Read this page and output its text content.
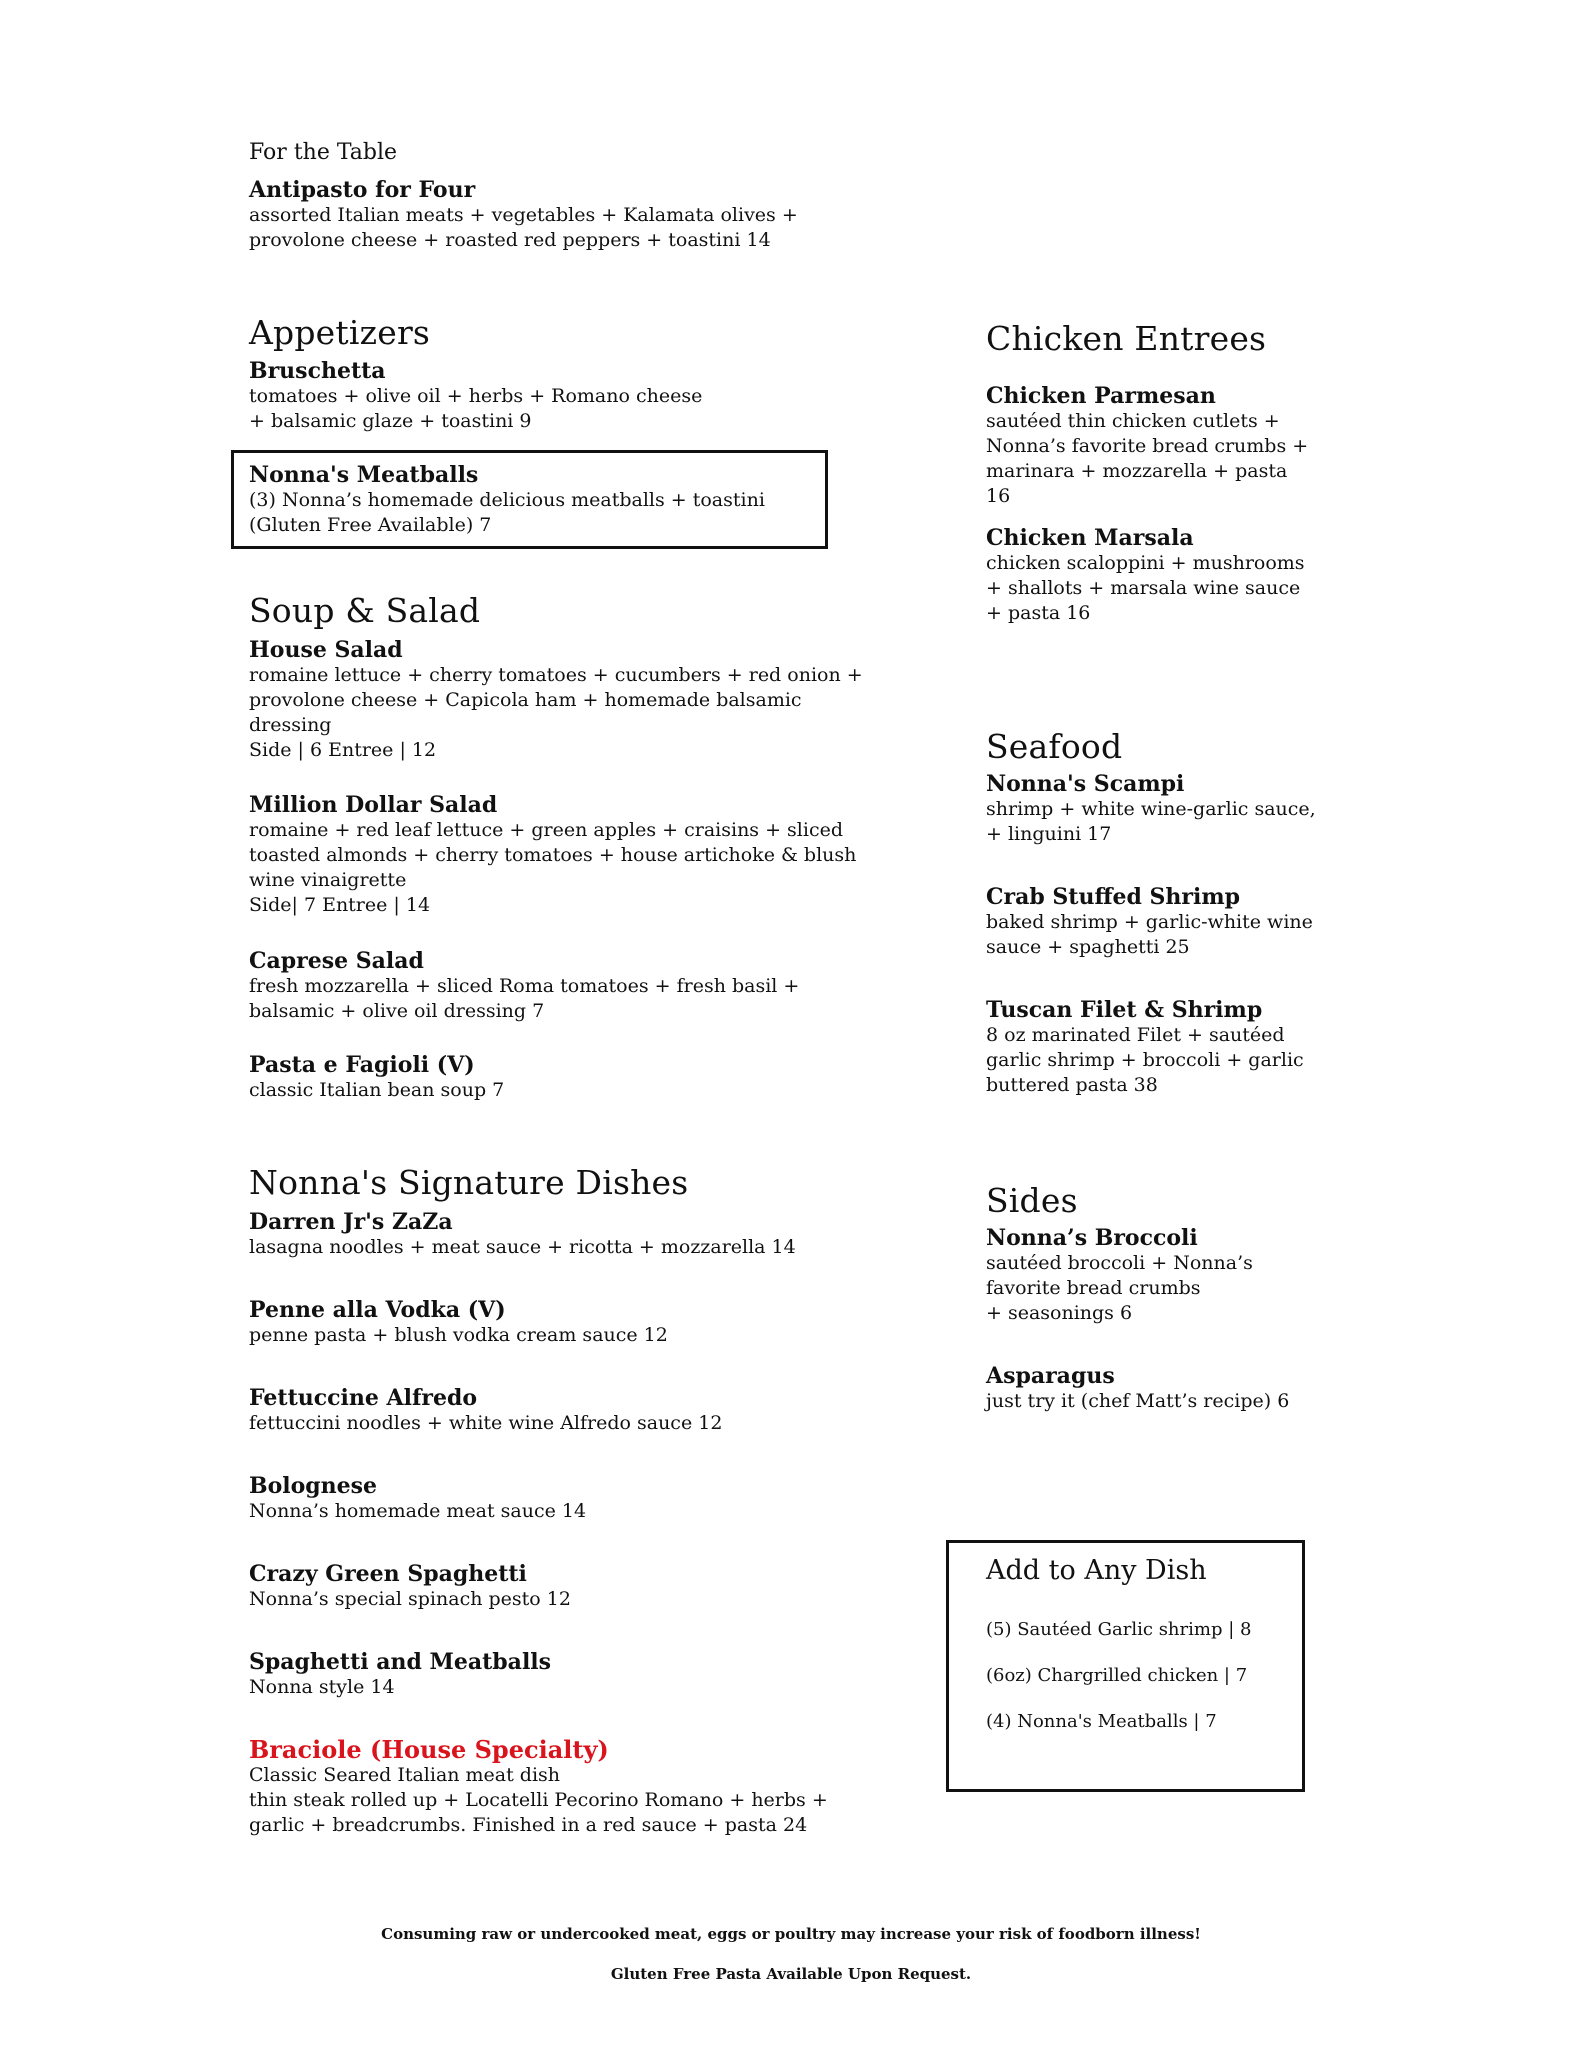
For the Table
Antipasto for Four
assorted Italian meats + vegetables + Kalamata olives +
provolone cheese + roasted red peppers + toastini 14
Appetizers
Bruschetta
tomatoes + olive oil + herbs + Romano cheese
+ balsamic glaze + toastini 9
Nonna's Meatballs
(3) Nonna’s homemade delicious meatballs + toastini
(Gluten Free Available) 7
Soup & Salad
House Salad
romaine lettuce + cherry tomatoes + cucumbers + red onion +
provolone cheese + Capicola ham + homemade balsamic
dressing
Side | 6 Entree | 12
Million Dollar Salad
romaine + red leaf lettuce + green apples + craisins + sliced
toasted almonds + cherry tomatoes + house artichoke & blush
wine vinaigrette
Side| 7 Entree | 14
Caprese Salad
fresh mozzarella + sliced Roma tomatoes + fresh basil +
balsamic + olive oil dressing 7
Pasta e Fagioli (V)
classic Italian bean soup 7
Nonna's Signature Dishes
Darren Jr's ZaZa
lasagna noodles + meat sauce + ricotta + mozzarella 14
Penne alla Vodka (V)
penne pasta + blush vodka cream sauce 12
Fettuccine Alfredo
fettuccini noodles + white wine Alfredo sauce 12
Bolognese
Nonna’s homemade meat sauce 14
Crazy Green Spaghetti
Nonna’s special spinach pesto 12
Spaghetti and Meatballs
Nonna style 14
Braciole (House Specialty)
Classic Seared Italian meat dish
thin steak rolled up + Locatelli Pecorino Romano + herbs +
garlic + breadcrumbs. Finished in a red sauce + pasta 24
Chicken Entrees
Chicken Parmesan
sautéed thin chicken cutlets +
Nonna’s favorite bread crumbs +
marinara + mozzarella + pasta
16
Chicken Marsala
chicken scaloppini + mushrooms
+ shallots + marsala wine sauce
+ pasta 16
Seafood
Nonna's Scampi
shrimp + white wine-garlic sauce,
+ linguini 17
Crab Stuffed Shrimp
baked shrimp + garlic-white wine
sauce + spaghetti 25
Tuscan Filet & Shrimp
8 oz marinated Filet + sautéed
garlic shrimp + broccoli + garlic
buttered pasta 38
Sides
Nonna’s Broccoli
sautéed broccoli + Nonna’s
favorite bread crumbs
+ seasonings 6
Asparagus
just try it (chef Matt’s recipe) 6
Add to Any Dish
(5) Sautéed Garlic shrimp | 8
(6oz) Chargrilled chicken | 7
(4) Nonna's Meatballs | 7
Consuming raw or undercooked meat, eggs or poultry may increase your risk of foodborn illness!
Gluten Free Pasta Available Upon Request.
